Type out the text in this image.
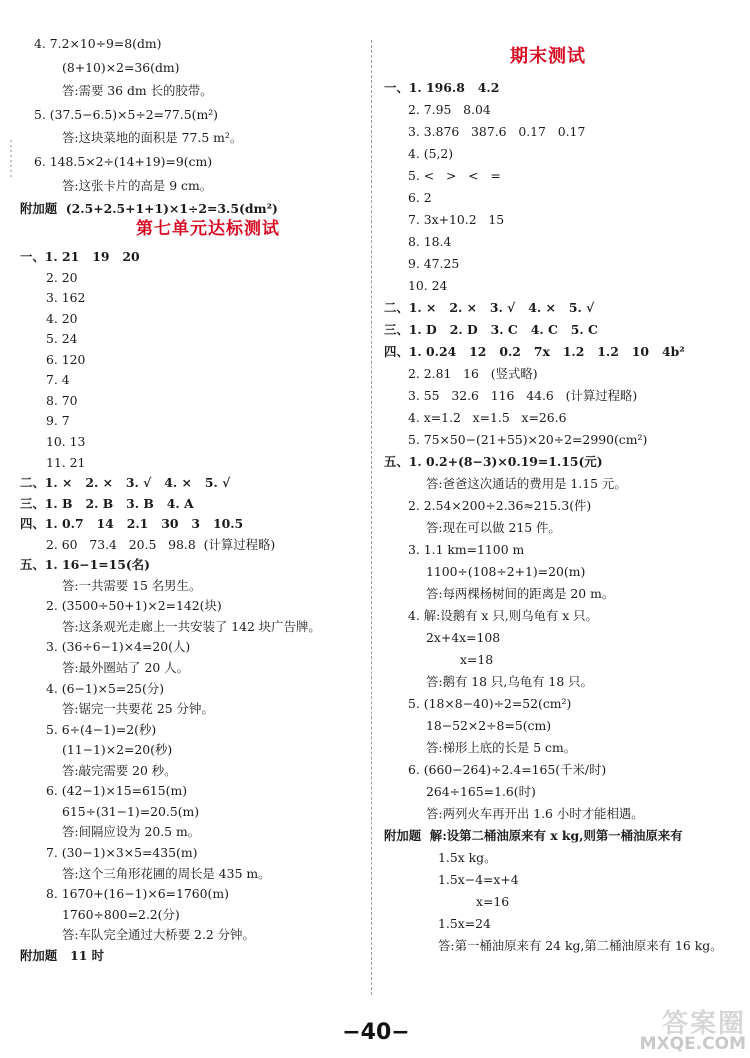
4. 7.2×10÷9=8(dm)
(8+10)×2=36(dm)
答:需要 36 dm 长的胶带。
5. (37.5−6.5)×5÷2=77.5(m²)
答:这块菜地的面积是 77.5 m²。
6. 148.5×2÷(14+19)=9(cm)
答:这张卡片的高是 9 cm。
附加题  (2.5+2.5+1+1)×1÷2=3.5(dm²)
第七单元达标测试
一、1. 21   19   20
2. 20
3. 162
4. 20
5. 24
6. 120
7. 4
8. 70
9. 7
10. 13
11. 21
二、1. ×   2. ×   3. √   4. ×   5. √
三、1. B   2. B   3. B   4. A
四、1. 0.7   14   2.1   30   3   10.5
2. 60   73.4   20.5   98.8  (计算过程略)
五、1. 16−1=15(名)
答:一共需要 15 名男生。
2. (3500÷50+1)×2=142(块)
答:这条观光走廊上一共安装了 142 块广告牌。
3. (36÷6−1)×4=20(人)
答:最外圈站了 20 人。
4. (6−1)×5=25(分)
答:锯完一共要花 25 分钟。
5. 6÷(4−1)=2(秒)
(11−1)×2=20(秒)
答:敲完需要 20 秒。
6. (42−1)×15=615(m)
615÷(31−1)=20.5(m)
答:间隔应设为 20.5 m。
7. (30−1)×3×5=435(m)
答:这个三角形花圃的周长是 435 m。
8. 1670+(16−1)×6=1760(m)
1760÷800=2.2(分)
答:车队完全通过大桥要 2.2 分钟。
附加题   11 时
期末测试
一、1. 196.8   4.2
2. 7.95   8.04
3. 3.876   387.6   0.17   0.17
4. (5,2)
5. <   >   <   =
6. 2
7. 3x+10.2   15
8. 18.4
9. 47.25
10. 24
二、1. ×   2. ×   3. √   4. ×   5. √
三、1. D   2. D   3. C   4. C   5. C
四、1. 0.24   12   0.2   7x   1.2   1.2   10   4b²
2. 2.81   16   (竖式略)
3. 55   32.6   116   44.6   (计算过程略)
4. x=1.2   x=1.5   x=26.6
5. 75×50−(21+55)×20÷2=2990(cm²)
五、1. 0.2+(8−3)×0.19=1.15(元)
答:爸爸这次通话的费用是 1.15 元。
2. 2.54×200÷2.36≈215.3(件)
答:现在可以做 215 件。
3. 1.1 km=1100 m
1100÷(108÷2+1)=20(m)
答:每两棵杨树间的距离是 20 m。
4. 解:设鹅有 x 只,则乌龟有 x 只。
2x+4x=108
x=18
答:鹅有 18 只,乌龟有 18 只。
5. (18×8−40)÷2=52(cm²)
18−52×2÷8=5(cm)
答:梯形上底的长是 5 cm。
6. (660−264)÷2.4=165(千米/时)
264÷165=1.6(时)
答:两列火车再开出 1.6 小时才能相遇。
附加题  解:设第二桶油原来有 x kg,则第一桶油原来有
1.5x kg。
1.5x−4=x+4
x=16
1.5x=24
答:第一桶油原来有 24 kg,第二桶油原来有 16 kg。
−40−	答案圈
MXQE.COM
